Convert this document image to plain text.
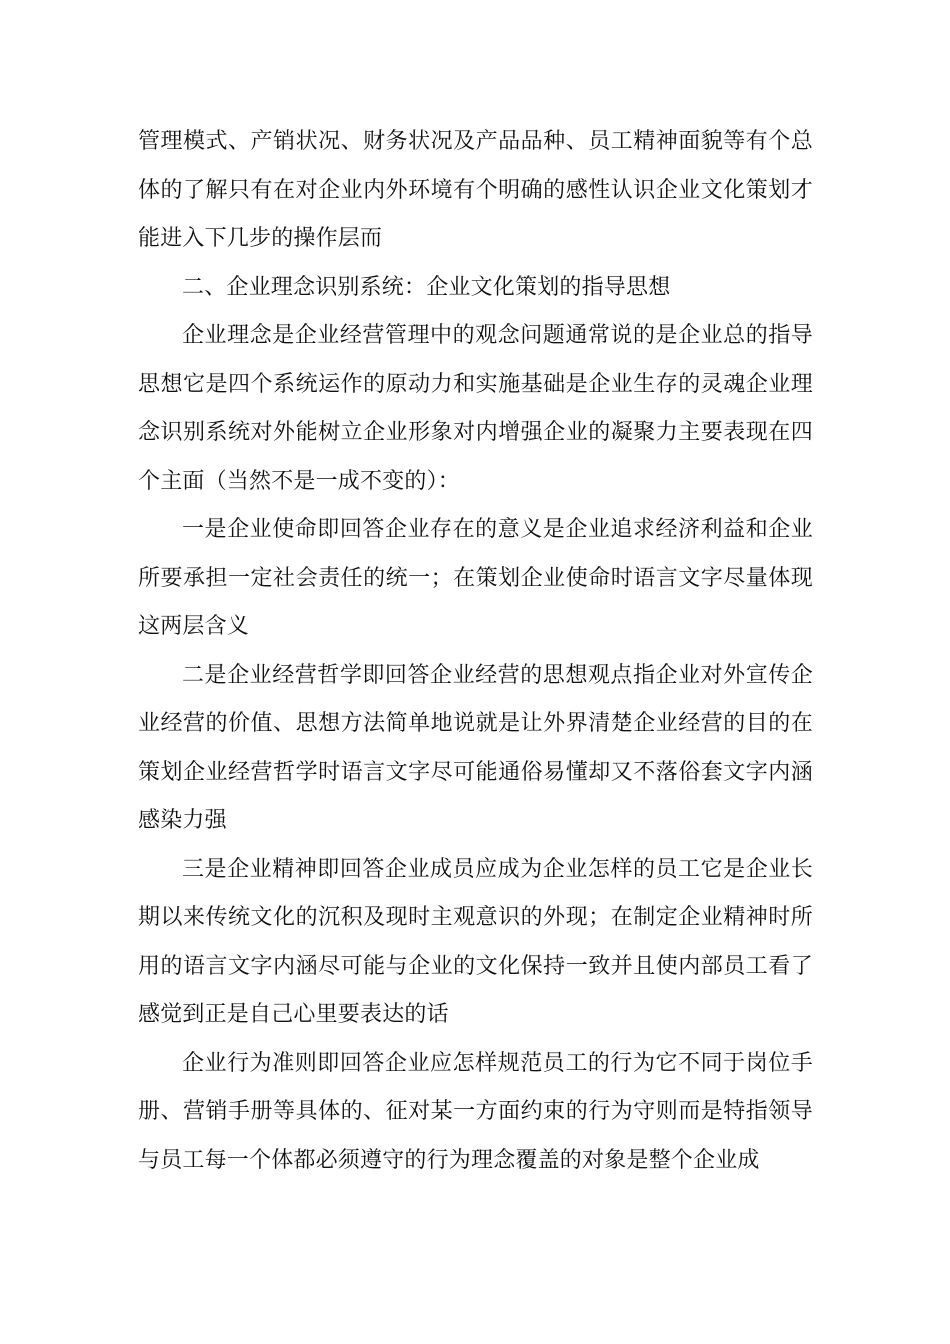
管理模式、产销状况、财务状况及产品品种、员工精神面貌等有个总体的了解只有在对企业内外环境有个明确的感性认识企业文化策划才能进入下几步的操作层而

二、企业理念识别系统：企业文化策划的指导思想

企业理念是企业经营管理中的观念问题通常说的是企业总的指导思想它是四个系统运作的原动力和实施基础是企业生存的灵魂企业理念识别系统对外能树立企业形象对内增强企业的凝聚力主要表现在四个主面（当然不是一成不变的）：

一是企业使命即回答企业存在的意义是企业追求经济利益和企业所要承担一定社会责任的统一；在策划企业使命时语言文字尽量体现这两层含义

二是企业经营哲学即回答企业经营的思想观点指企业对外宣传企业经营的价值、思想方法简单地说就是让外界清楚企业经营的目的在策划企业经营哲学时语言文字尽可能通俗易懂却又不落俗套文字内涵感染力强

三是企业精神即回答企业成员应成为企业怎样的员工它是企业长期以来传统文化的沉积及现时主观意识的外现；在制定企业精神时所用的语言文字内涵尽可能与企业的文化保持一致并且使内部员工看了感觉到正是自己心里要表达的话

企业行为准则即回答企业应怎样规范员工的行为它不同于岗位手册、营销手册等具体的、征对某一方面约束的行为守则而是特指领导与员工每一个体都必须遵守的行为理念覆盖的对象是整个企业成
